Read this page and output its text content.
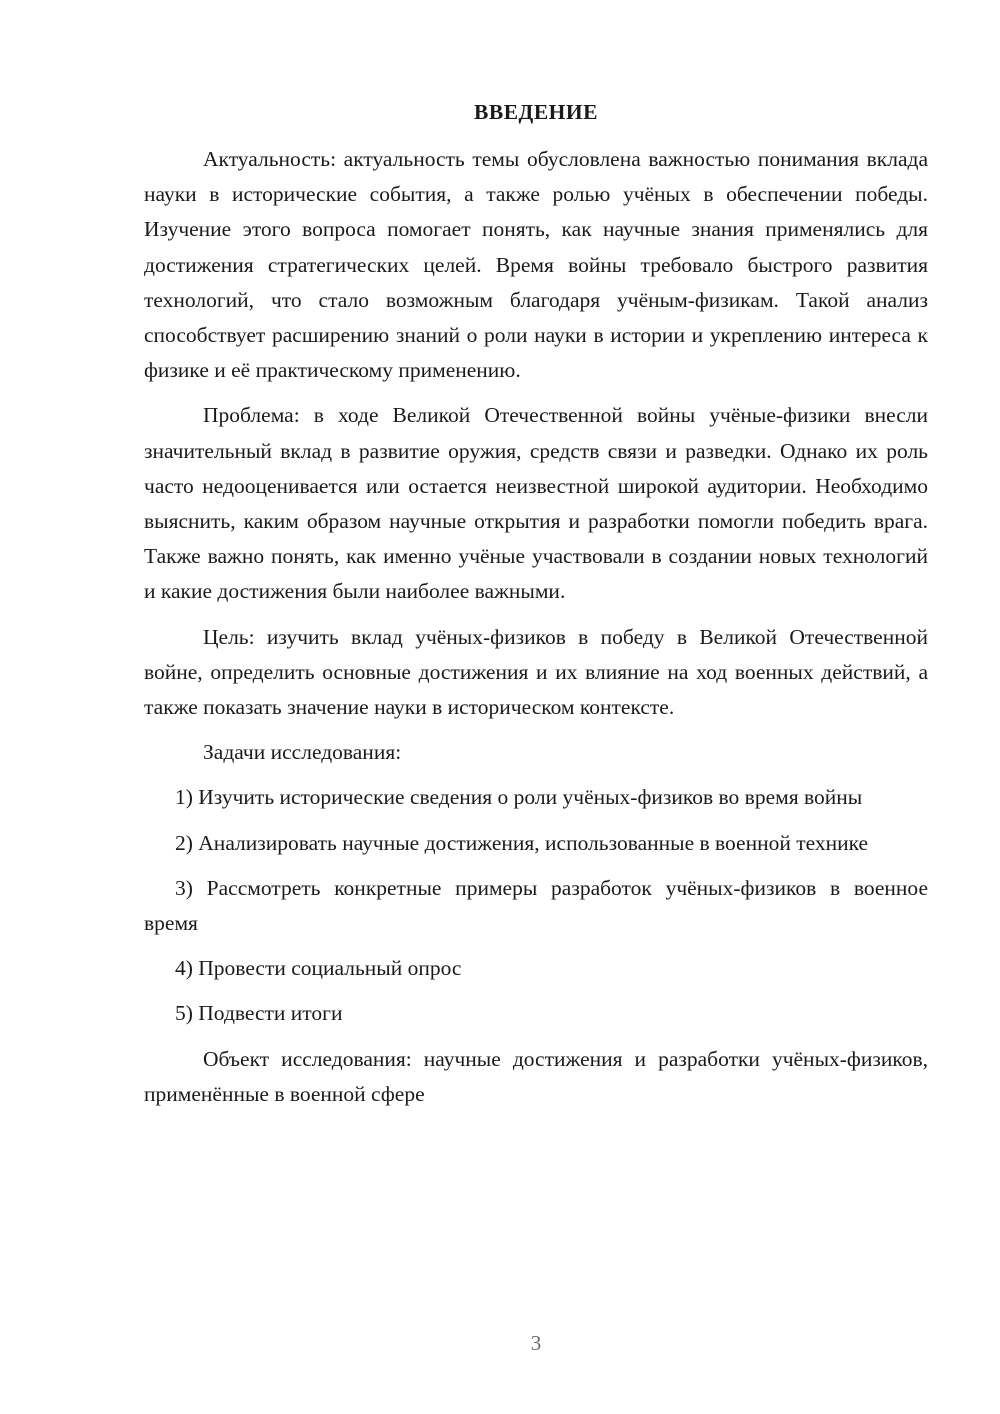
ВВЕДЕНИЕ

Актуальность: актуальность темы обусловлена важностью понимания вклада науки в исторические события, а также ролью учёных в обеспечении победы. Изучение этого вопроса помогает понять, как научные знания применялись для достижения стратегических целей. Время войны требовало быстрого развития технологий, что стало возможным благодаря учёным-физикам. Такой анализ способствует расширению знаний о роли науки в истории и укреплению интереса к физике и её практическому применению.

Проблема: в ходе Великой Отечественной войны учёные-физики внесли значительный вклад в развитие оружия, средств связи и разведки. Однако их роль часто недооценивается или остается неизвестной широкой аудитории. Необходимо выяснить, каким образом научные открытия и разработки помогли победить врага. Также важно понять, как именно учёные участвовали в создании новых технологий и какие достижения были наиболее важными.

Цель: изучить вклад учёных-физиков в победу в Великой Отечественной войне, определить основные достижения и их влияние на ход военных действий, а также показать значение науки в историческом контексте.

Задачи исследования:

1) Изучить исторические сведения о роли учёных-физиков во время войны

2) Анализировать научные достижения, использованные в военной технике

3) Рассмотреть конкретные примеры разработок учёных-физиков в военное время

4) Провести социальный опрос

5) Подвести итоги

Объект исследования: научные достижения и разработки учёных-физиков, применённые в военной сфере

3
